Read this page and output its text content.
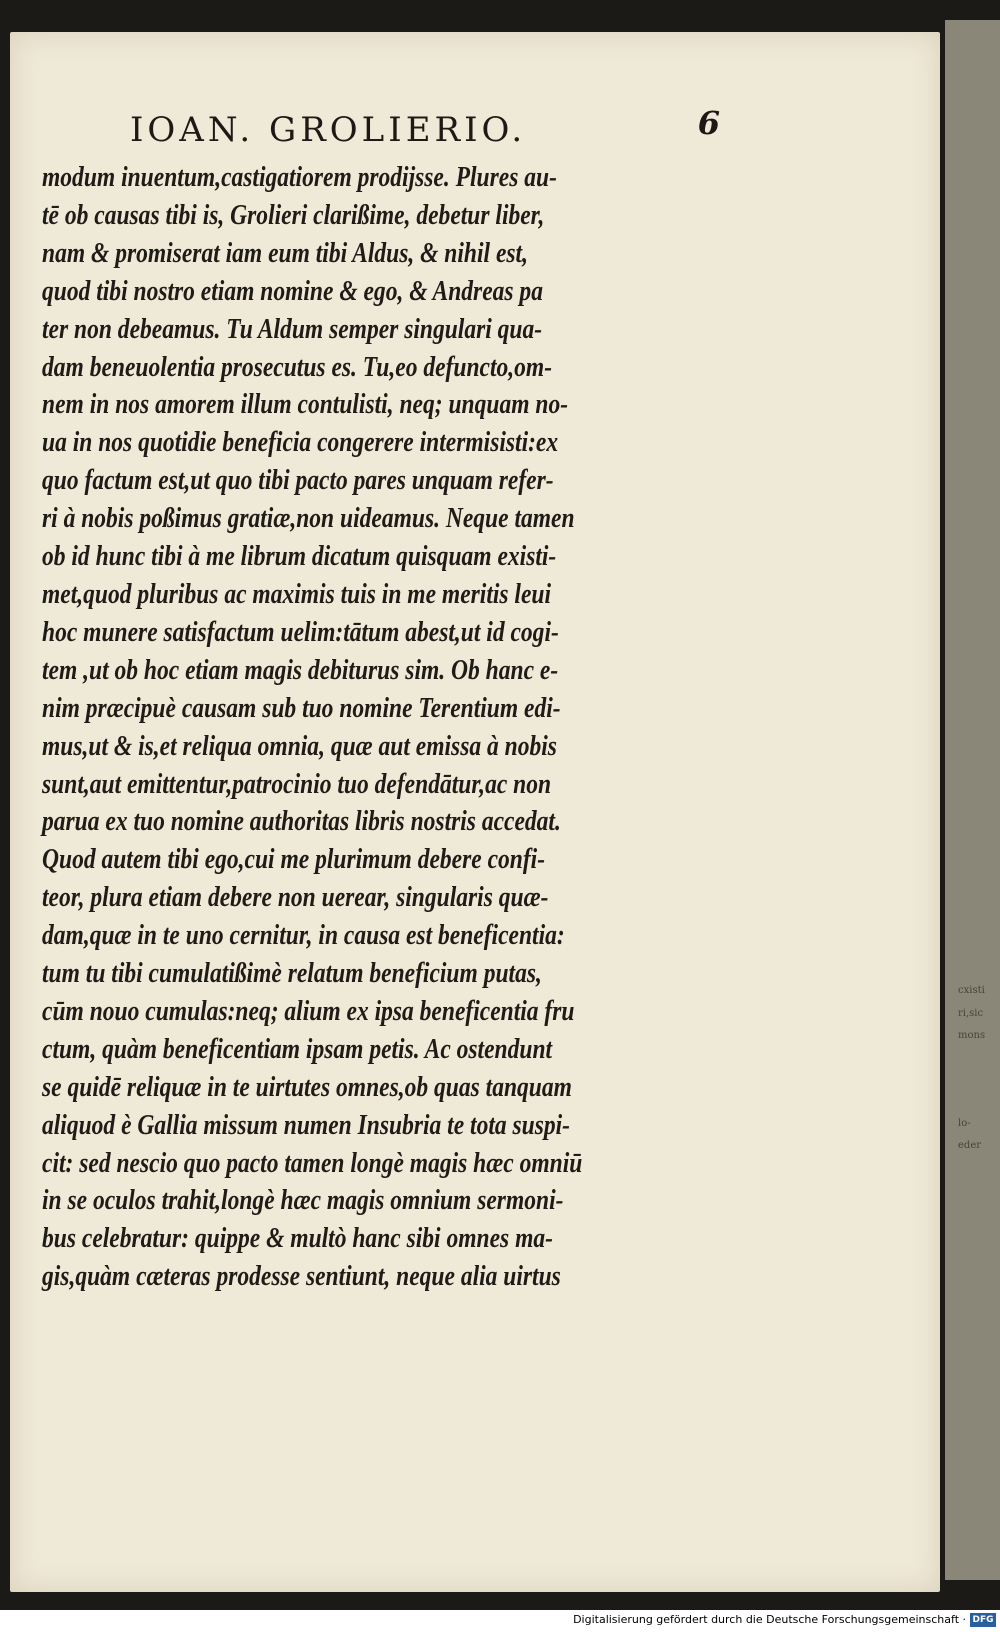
cxisti
ri,sic
mons
lo-
eder
IOAN. GROLIERIO.	6
modum inuentum,castigatiorem prodijsse. Plures au-
tē ob causas tibi is, Grolieri clarißime, debetur liber,
nam & promiserat iam eum tibi Aldus, & nihil est,
quod tibi nostro etiam nomine & ego, & Andreas pa
ter non debeamus. Tu Aldum semper singulari qua-
dam beneuolentia prosecutus es. Tu,eo defuncto,om-
nem in nos amorem illum contulisti, neq; unquam no-
ua in nos quotidie beneficia congerere intermisisti:ex
quo factum est,ut quo tibi pacto pares unquam refer-
ri à nobis poßimus gratiæ,non uideamus. Neque tamen
ob id hunc tibi à me librum dicatum quisquam existi-
met,quod pluribus ac maximis tuis in me meritis leui
hoc munere satisfactum uelim:tātum abest,ut id cogi-
tem ,ut ob hoc etiam magis debiturus sim. Ob hanc e-
nim præcipuè causam sub tuo nomine Terentium edi-
mus,ut & is,et reliqua omnia, quæ aut emissa à nobis
sunt,aut emittentur,patrocinio tuo defendātur,ac non
parua ex tuo nomine authoritas libris nostris accedat.
Quod autem tibi ego,cui me plurimum debere confi-
teor, plura etiam debere non uerear, singularis quæ-
dam,quæ in te uno cernitur, in causa est beneficentia:
tum tu tibi cumulatißimè relatum beneficium putas,
cūm nouo cumulas:neq; alium ex ipsa beneficentia fru
ctum, quàm beneficentiam ipsam petis. Ac ostendunt
se quidē reliquæ in te uirtutes omnes,ob quas tanquam
aliquod è Gallia missum numen Insubria te tota suspi-
cit: sed nescio quo pacto tamen longè magis hæc omniū
in se oculos trahit,longè hæc magis omnium sermoni-
bus celebratur: quippe & multò hanc sibi omnes ma-
gis,quàm cæteras prodesse sentiunt, neque alia uirtus
Digitalisierung gefördert durch die Deutsche Forschungsgemeinschaft · DFG
